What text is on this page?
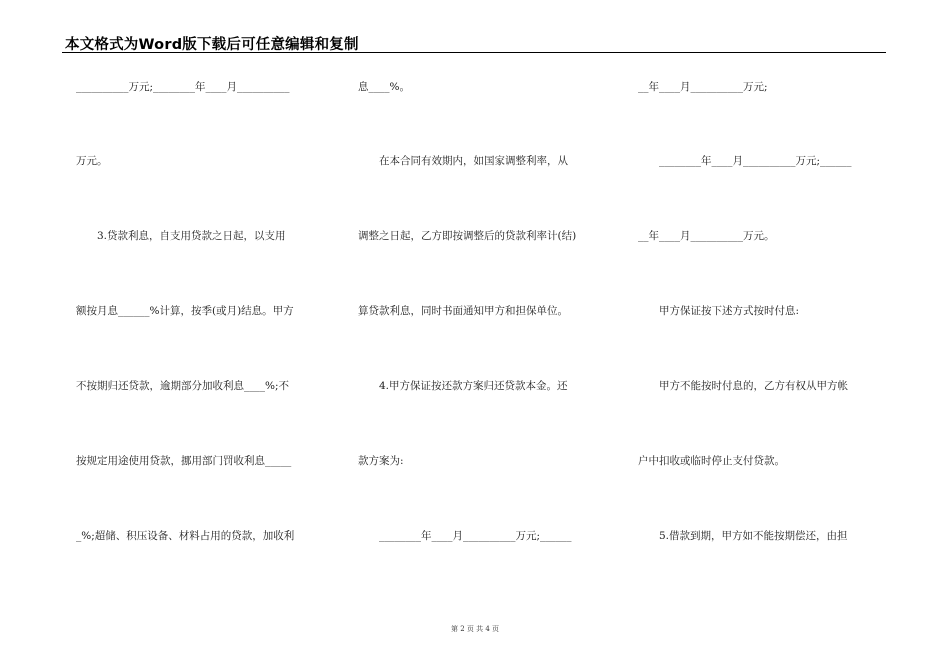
本文格式为Word版下载后可任意编辑和复制
__________万元;________年____月__________
万元。
　　3.贷款利息，自支用贷款之日起，以支用
额按月息______%计算，按季(或月)结息。甲方
不按期归还贷款，逾期部分加收利息____%;不
按规定用途使用贷款，挪用部门罚收利息_____
_%;超储、积压设备、材料占用的贷款，加收利
息____%。
　　在本合同有效期内，如国家调整利率，从
调整之日起，乙方即按调整后的贷款利率计(结)
算贷款利息，同时书面通知甲方和担保单位。
　　4.甲方保证按还款方案归还贷款本金。还
款方案为:
　　________年____月__________万元;______
__年____月__________万元;
　　________年____月__________万元;______
__年____月__________万元。
　　甲方保证按下述方式按时付息:
　　甲方不能按时付息的，乙方有权从甲方帐
户中扣收或临时停止支付贷款。
　　5.借款到期，甲方如不能按期偿还，由担
第 2 页 共 4 页
